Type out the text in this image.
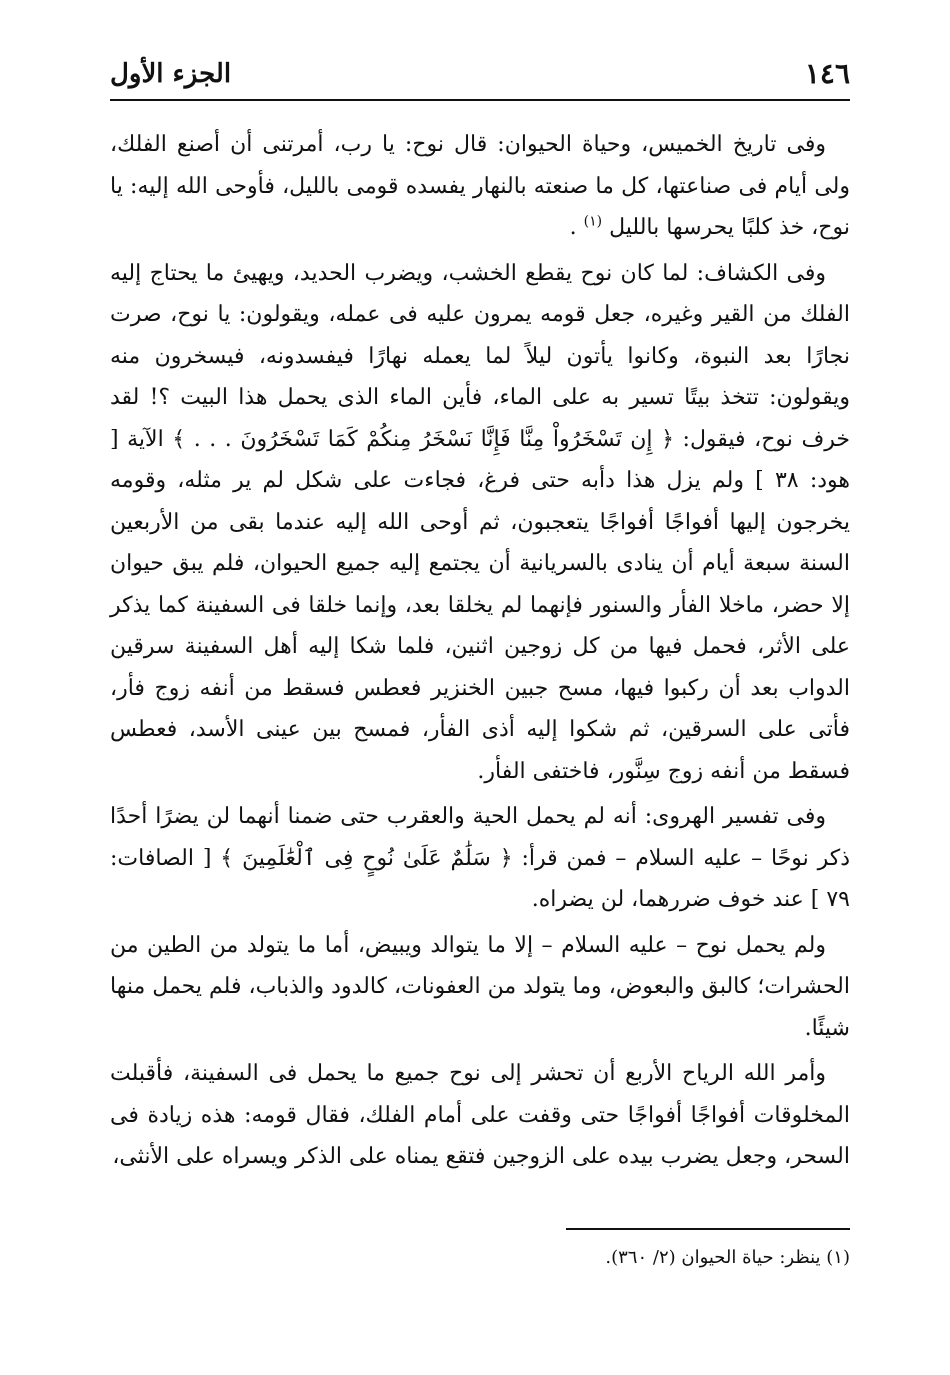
١٤٦
الجزء الأول

وفى تاريخ الخميس، وحياة الحيوان: قال نوح: يا رب، أمرتنى أن أصنع الفلك، ولى أيام فى صناعتها، كل ما صنعته بالنهار يفسده قومى بالليل، فأوحى الله إليه: يا نوح، خذ كلبًا يحرسها بالليل $^{(١)}$ .

وفى الكشاف: لما كان نوح يقطع الخشب، ويضرب الحديد، ويهيئ ما يحتاج إليه الفلك من القير وغيره، جعل قومه يمرون عليه فى عمله، ويقولون: يا نوح، صرت نجارًا بعد النبوة، وكانوا يأتون ليلاً لما يعمله نهارًا فيفسدونه، فيسخرون منه ويقولون: تتخذ بيتًا تسير به على الماء، فأين الماء الذى يحمل هذا البيت ؟! لقد خرف نوح، فيقول: ﴿ إِن تَسْخَرُواْ مِنَّا فَإِنَّا نَسْخَرُ مِنكُمْ كَمَا تَسْخَرُونَ . . . ﴾ الآية [ هود: ٣٨ ] ولم يزل هذا دأبه حتى فرغ، فجاءت على شكل لم ير مثله، وقومه يخرجون إليها أفواجًا أفواجًا يتعجبون، ثم أوحى الله إليه عندما بقى من الأربعين السنة سبعة أيام أن ينادى بالسريانية أن يجتمع إليه جميع الحيوان، فلم يبق حيوان إلا حضر، ماخلا الفأر والسنور فإنهما لم يخلقا بعد، وإنما خلقا فى السفينة كما يذكر على الأثر، فحمل فيها من كل زوجين اثنين، فلما شكا إليه أهل السفينة سرقين الدواب بعد أن ركبوا فيها، مسح جبين الخنزير فعطس فسقط من أنفه زوج فأر، فأتى على السرقين، ثم شكوا إليه أذى الفأر، فمسح بين عينى الأسد، فعطس فسقط من أنفه زوج سِنَّور، فاختفى الفأر.

وفى تفسير الهروى: أنه لم يحمل الحية والعقرب حتى ضمنا أنهما لن يضرًا أحدًا ذكر نوحًا – عليه السلام – فمن قرأ: ﴿ سَلَٰمٌ عَلَىٰ نُوحٍ فِى ٱلْعَٰلَمِينَ ﴾ [ الصافات: ٧٩ ] عند خوف ضررهما، لن يضراه.

ولم يحمل نوح – عليه السلام – إلا ما يتوالد ويبيض، أما ما يتولد من الطين من الحشرات؛ كالبق والبعوض، وما يتولد من العفونات، كالدود والذباب، فلم يحمل منها شيئًا.

وأمر الله الرياح الأربع أن تحشر إلى نوح جميع ما يحمل فى السفينة، فأقبلت المخلوقات أفواجًا أفواجًا حتى وقفت على أمام الفلك، فقال قومه: هذه زيادة فى السحر، وجعل يضرب بيده على الزوجين فتقع يمناه على الذكر ويسراه على الأنثى،

(١) ينظر: حياة الحيوان (٢/ ٣٦٠).
